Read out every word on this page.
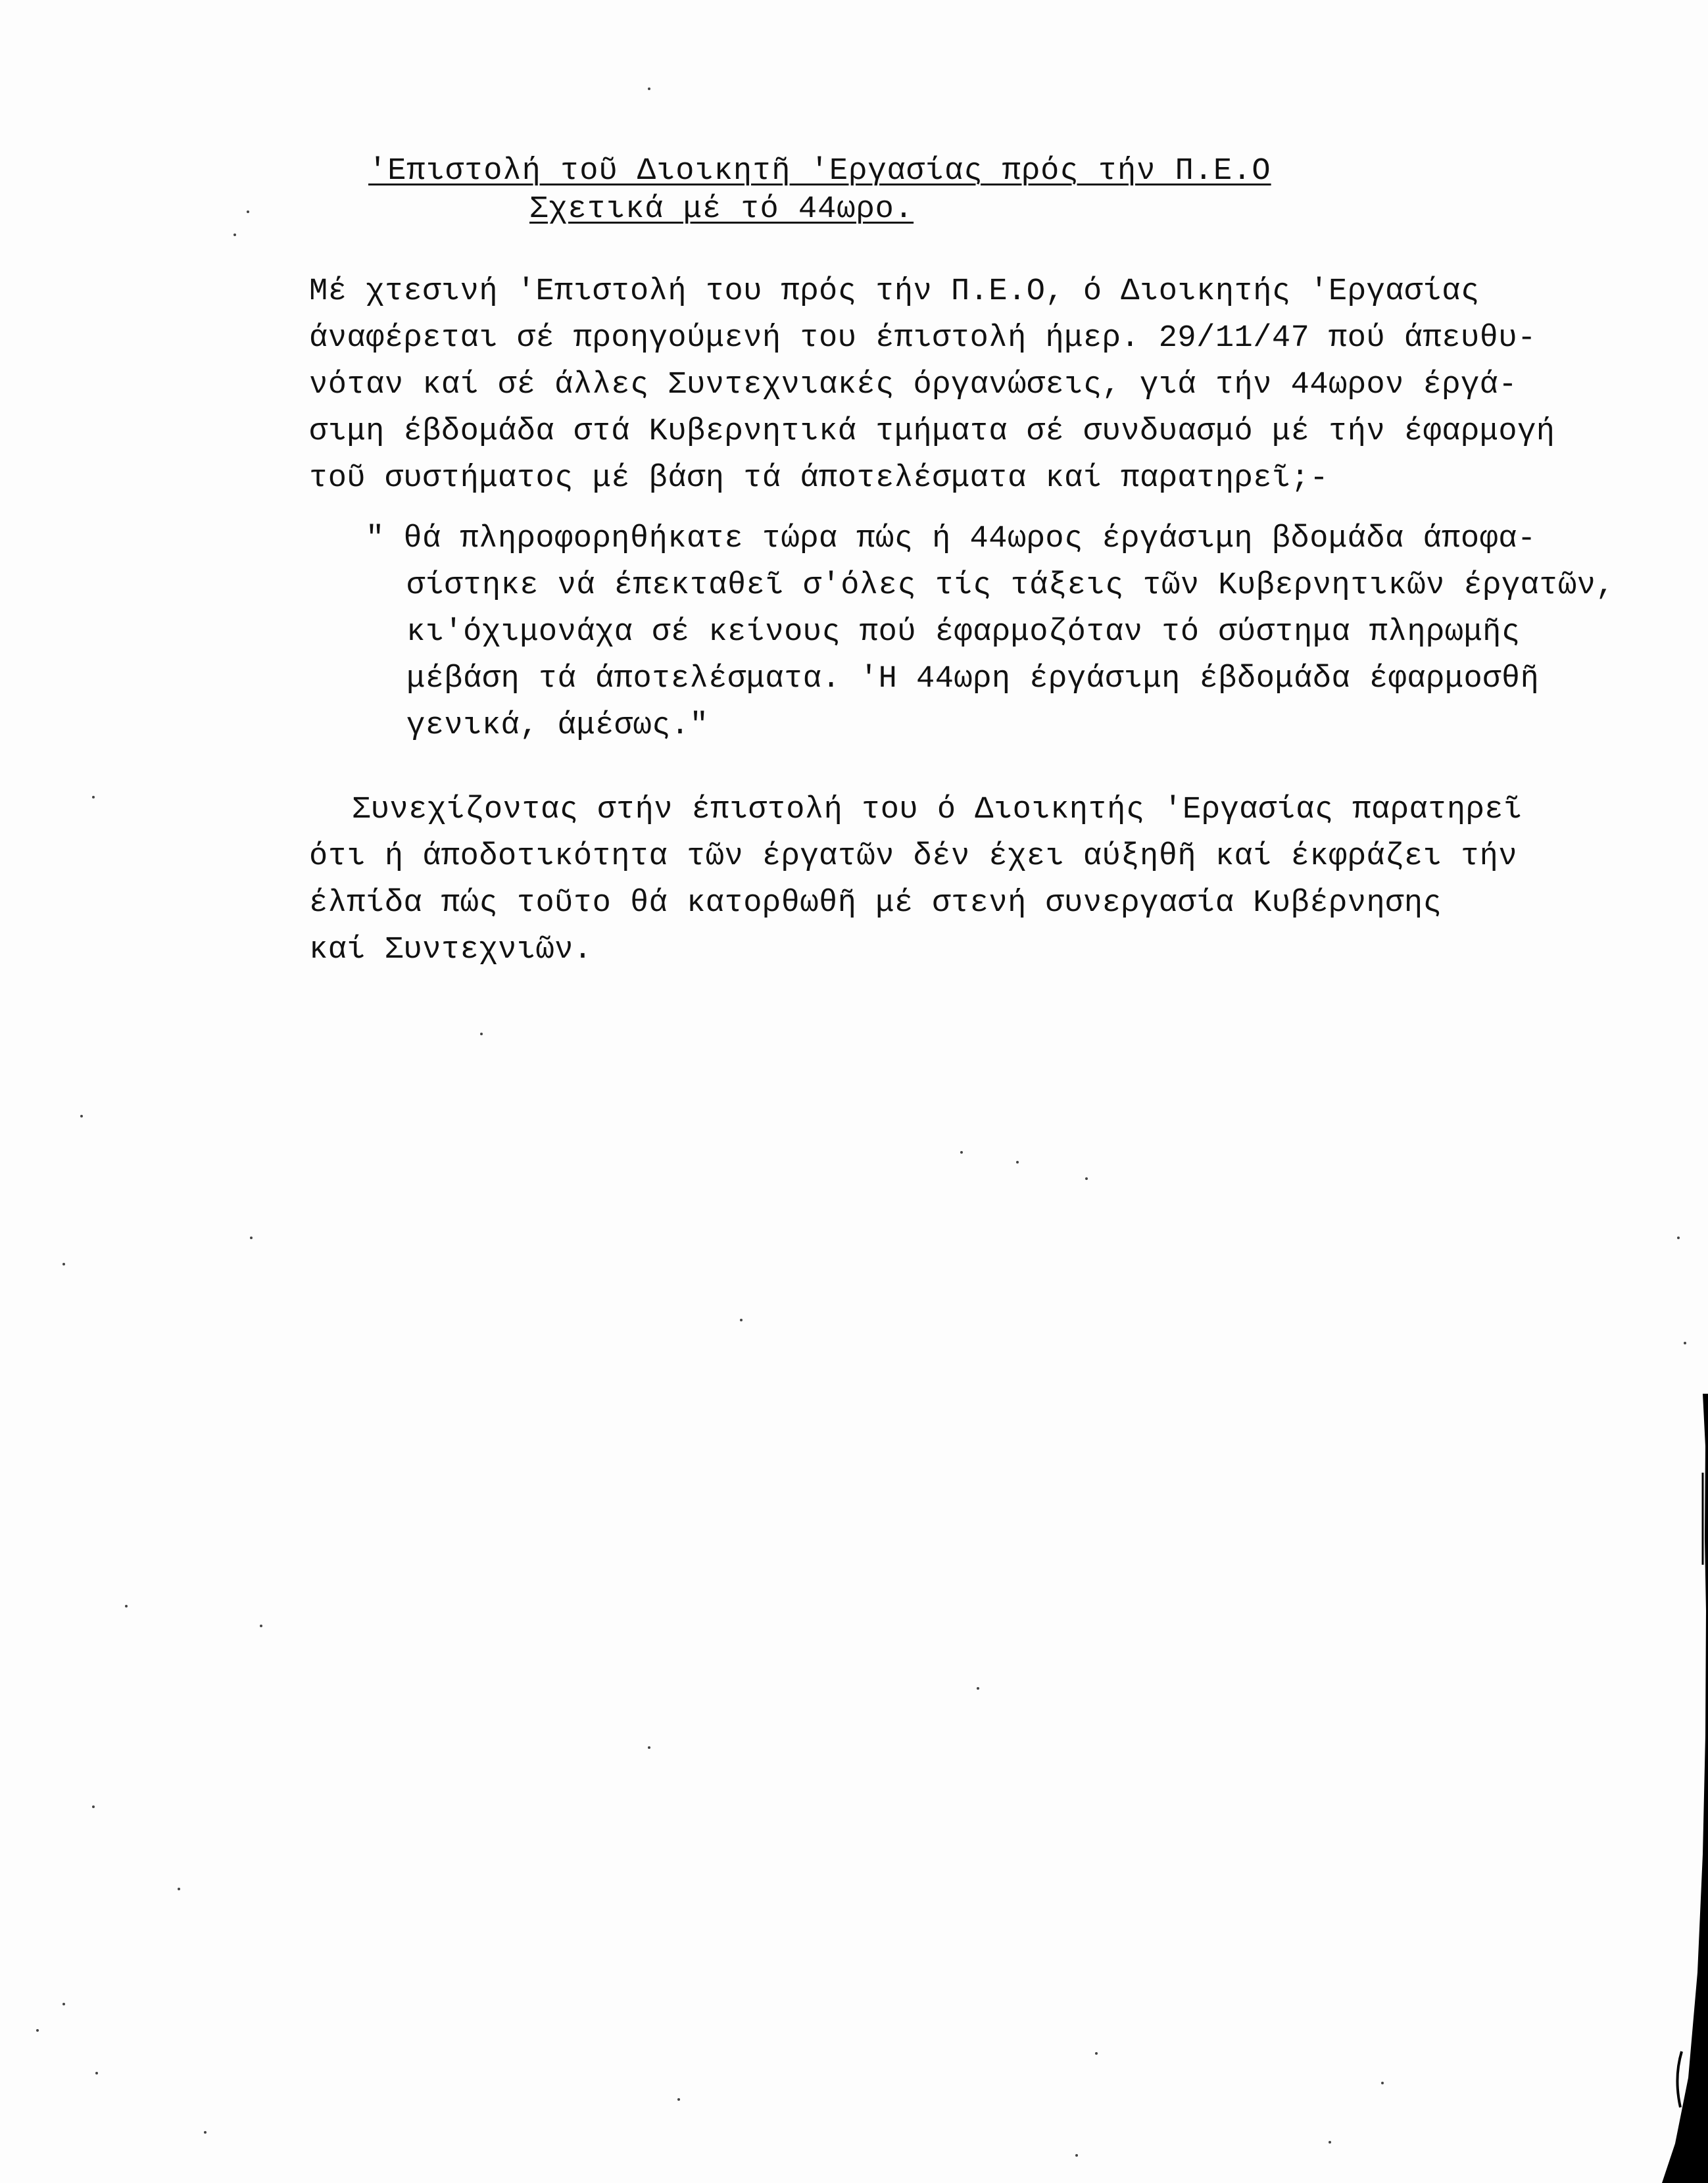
'Επιστολή τοῦ Διοικητῆ 'Εργασίας πρός τήν Π.Ε.Ο
Σχετικά μέ τό 44ωρο.
Μέ χτεσινή 'Επιστολή του πρός τήν Π.Ε.Ο, ό Διοικητής 'Εργασίας
άναφέρεται σέ προηγούμενή του έπιστολή ήμερ. 29/11/47 πού άπευθυ-
νόταν καί σέ άλλες Συντεχνιακές όργανώσεις, γιά τήν 44ωρον έργά-
σιμη έβδομάδα στά Κυβερνητικά τμήματα σέ συνδυασμό μέ τήν έφαρμογή
τοῦ συστήματος μέ βάση τά άποτελέσματα καί παρατηρεῖ;-
" θά πληροφορηθήκατε τώρα πώς ή 44ωρος έργάσιμη βδομάδα άποφα-
σίστηκε νά έπεκταθεῖ σ'όλες τίς τάξεις τῶν Κυβερνητικῶν έργατῶν,
κι'όχιμονάχα σέ κείνους πού έφαρμοζόταν τό σύστημα πληρωμῆς
μέβάση τά άποτελέσματα. 'Η 44ωρη έργάσιμη έβδομάδα έφαρμοσθῆ
γενικά, άμέσως."
Συνεχίζοντας στήν έπιστολή του ό Διοικητής 'Εργασίας παρατηρεῖ
ότι ή άποδοτικότητα τῶν έργατῶν δέν έχει αύξηθῆ καί έκφράζει τήν
έλπίδα πώς τοῦτο θά κατορθωθῆ μέ στενή συνεργασία Κυβέρνησης
καί Συντεχνιῶν.
